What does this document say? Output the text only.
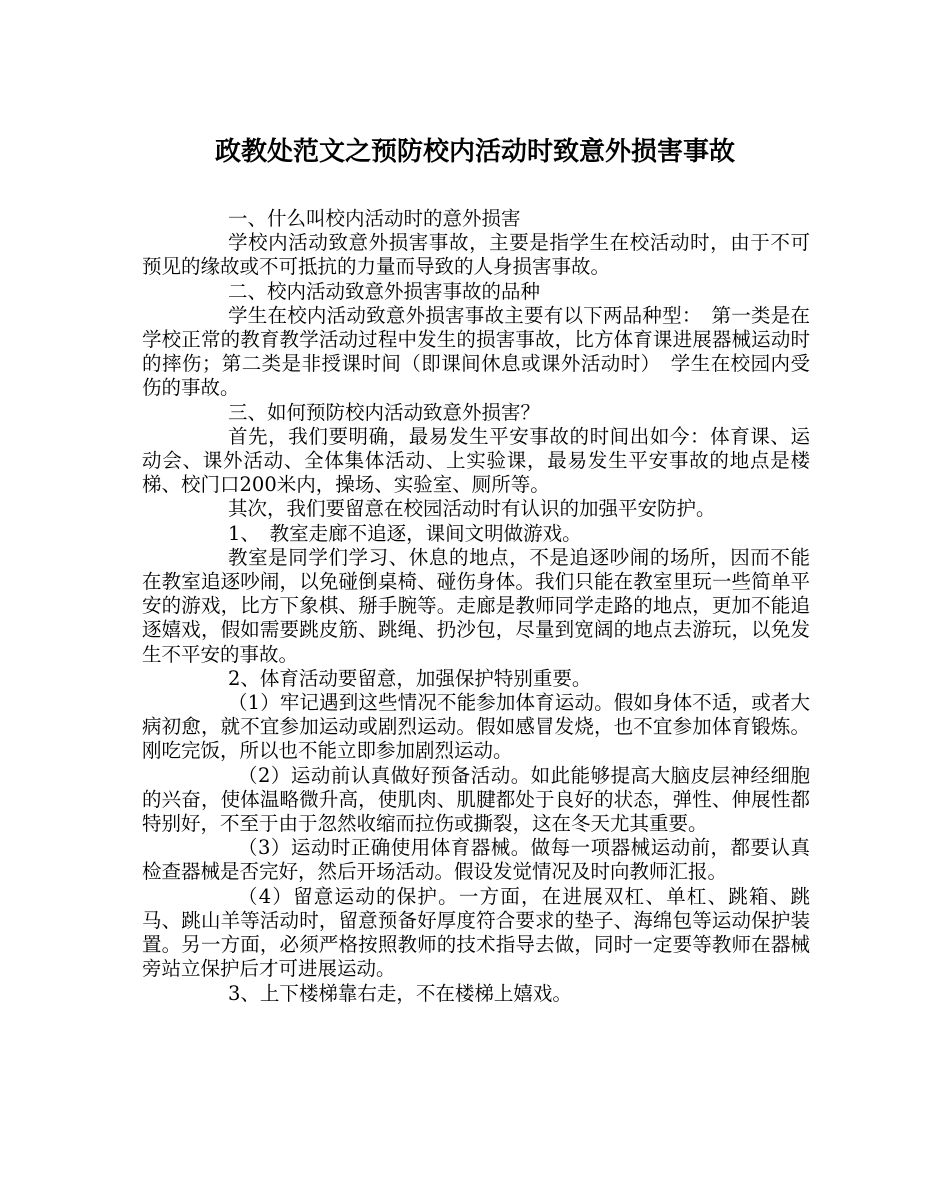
政教处范文之预防校内活动时致意外损害事故

一、什么叫校内活动时的意外损害

学校内活动致意外损害事故，主要是指学生在校活动时，由于不可预见的缘故或不可抵抗的力量而导致的人身损害事故。

二、校内活动致意外损害事故的品种

学生在校内活动致意外损害事故主要有以下两品种型：　第一类是在学校正常的教育教学活动过程中发生的损害事故，比方体育课进展器械运动时的摔伤；第二类是非授课时间（即课间休息或课外活动时）　学生在校园内受伤的事故。

三、如何预防校内活动致意外损害？

首先，我们要明确，最易发生平安事故的时间出如今：体育课、运动会、课外活动、全体集体活动、上实验课，最易发生平安事故的地点是楼梯、校门口200米内，操场、实验室、厕所等。

其次，我们要留意在校园活动时有认识的加强平安防护。

1、　教室走廊不追逐，课间文明做游戏。

教室是同学们学习、休息的地点，不是追逐吵闹的场所，因而不能在教室追逐吵闹，以免碰倒桌椅、碰伤身体。我们只能在教室里玩一些简单平安的游戏，比方下象棋、掰手腕等。走廊是教师同学走路的地点，更加不能追逐嬉戏，假如需要跳皮筋、跳绳、扔沙包，尽量到宽阔的地点去游玩，以免发生不平安的事故。

2、体育活动要留意，加强保护特别重要。

（1）牢记遇到这些情况不能参加体育运动。假如身体不适，或者大病初愈，就不宜参加运动或剧烈运动。假如感冒发烧，也不宜参加体育锻炼。刚吃完饭，所以也不能立即参加剧烈运动。

（2）运动前认真做好预备活动。如此能够提高大脑皮层神经细胞的兴奋，使体温略微升高，使肌肉、肌腱都处于良好的状态，弹性、伸展性都特别好，不至于由于忽然收缩而拉伤或撕裂，这在冬天尤其重要。

（3）运动时正确使用体育器械。做每一项器械运动前，都要认真检查器械是否完好，然后开场活动。假设发觉情况及时向教师汇报。

（4）留意运动的保护。一方面，在进展双杠、单杠、跳箱、跳马、跳山羊等活动时，留意预备好厚度符合要求的垫子、海绵包等运动保护装置。另一方面，必须严格按照教师的技术指导去做，同时一定要等教师在器械旁站立保护后才可进展运动。

3、上下楼梯靠右走，不在楼梯上嬉戏。
